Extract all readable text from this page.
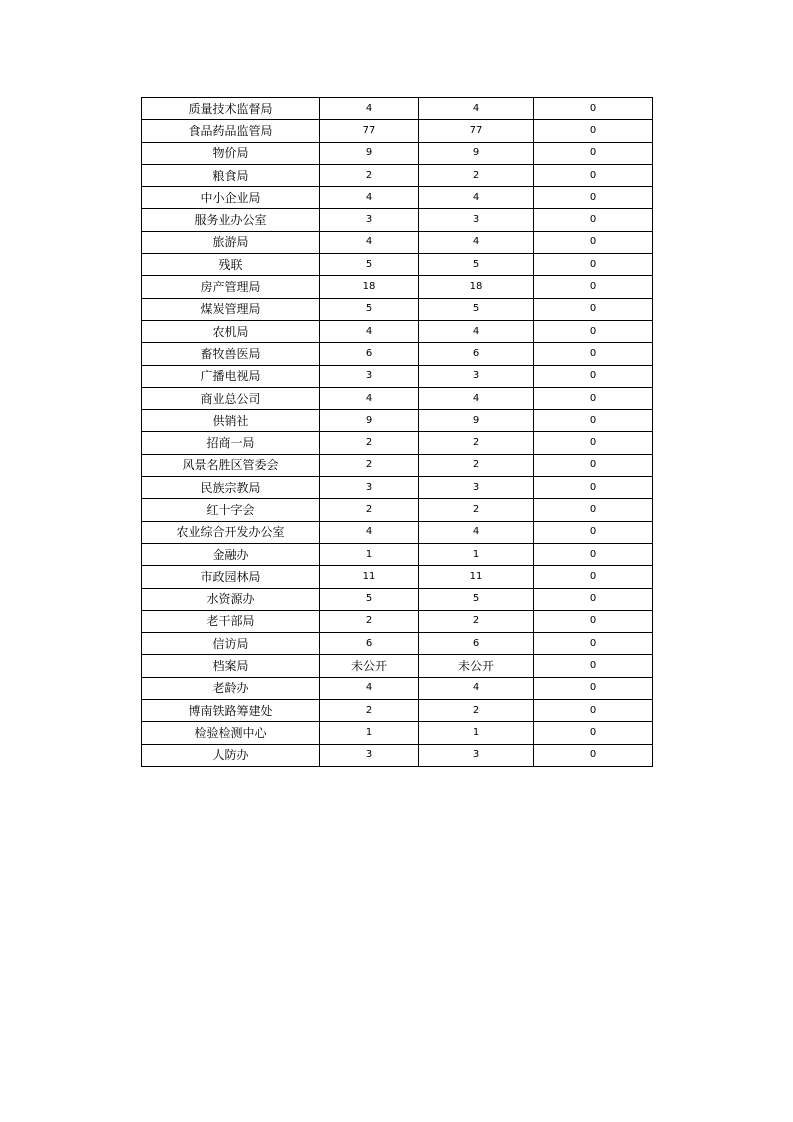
质量技术监督局	4	4	0
食品药品监管局	77	77	0
物价局	9	9	0
粮食局	2	2	0
中小企业局	4	4	0
服务业办公室	3	3	0
旅游局	4	4	0
残联	5	5	0
房产管理局	18	18	0
煤炭管理局	5	5	0
农机局	4	4	0
畜牧兽医局	6	6	0
广播电视局	3	3	0
商业总公司	4	4	0
供销社	9	9	0
招商一局	2	2	0
风景名胜区管委会	2	2	0
民族宗教局	3	3	0
红十字会	2	2	0
农业综合开发办公室	4	4	0
金融办	1	1	0
市政园林局	11	11	0
水资源办	5	5	0
老干部局	2	2	0
信访局	6	6	0
档案局	未公开	未公开	0
老龄办	4	4	0
博南铁路筹建处	2	2	0
检验检测中心	1	1	0
人防办	3	3	0
